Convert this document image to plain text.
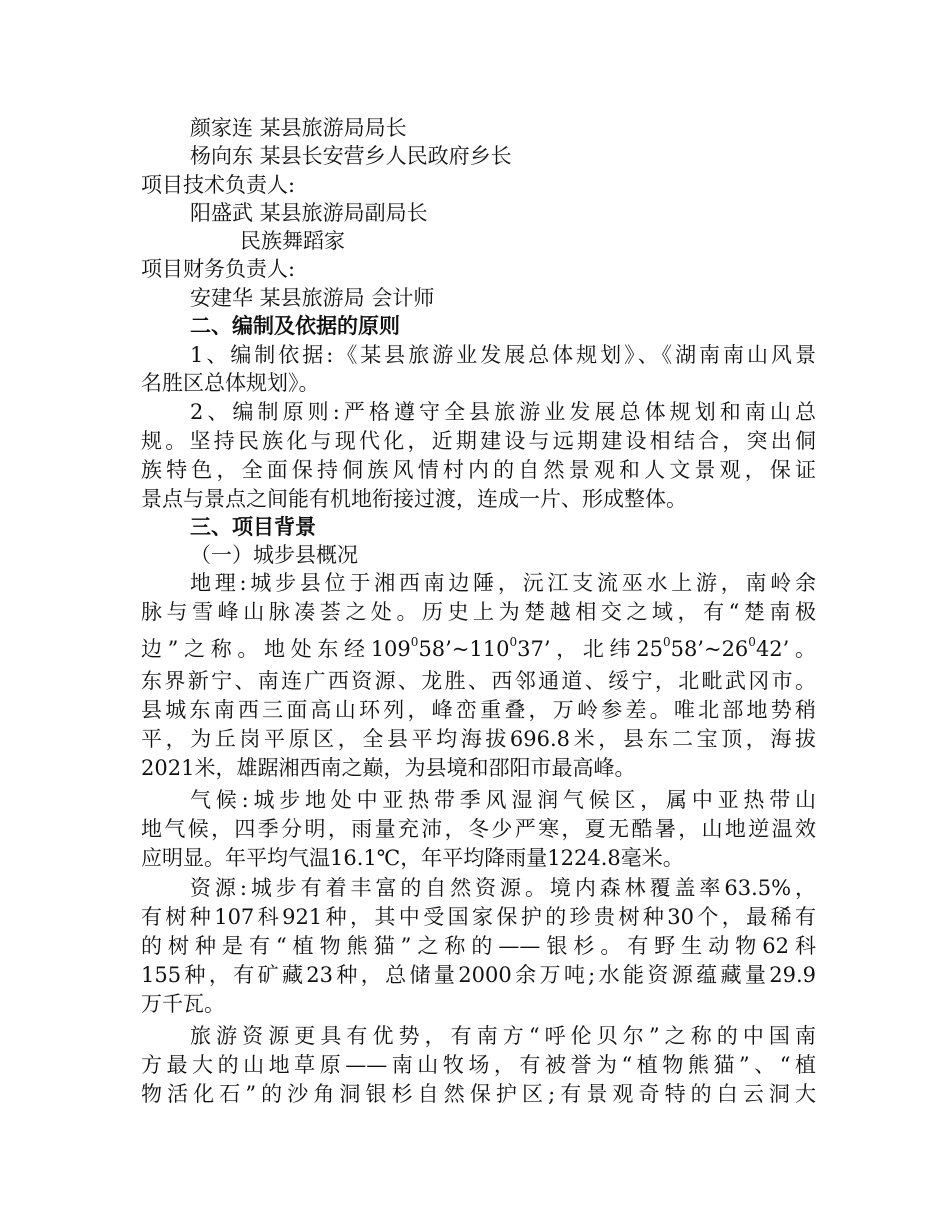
颜家连 某县旅游局局长
杨向东 某县长安营乡人民政府乡长
项目技术负责人:
阳盛武 某县旅游局副局长
民族舞蹈家
项目财务负责人:
安建华 某县旅游局 会计师
二、编制及依据的原则
1、编制依据:《某县旅游业发展总体规划》、《湖南南山风景
名胜区总体规划》。
2、编制原则:严格遵守全县旅游业发展总体规划和南山总
规。坚持民族化与现代化，近期建设与远期建设相结合，突出侗
族特色，全面保持侗族风情村内的自然景观和人文景观，保证
景点与景点之间能有机地衔接过渡，连成一片、形成整体。
三、项目背景
（一）城步县概况
地理:城步县位于湘西南边陲，沅江支流巫水上游，南岭余
脉与雪峰山脉凑荟之处。历史上为楚越相交之域，有“楚南极
边”之称。地处东经$109^058’\sim 110^037$’，北纬$25^058’\sim 26^042$’。
东界新宁、南连广西资源、龙胜、西邻通道、绥宁，北毗武冈市。
县城东南西三面高山环列，峰峦重叠，万岭参差。唯北部地势稍
平，为丘岗平原区，全县平均海拔696.8米，县东二宝顶，海拔
2021米，雄踞湘西南之巅，为县境和邵阳市最高峰。
气候:城步地处中亚热带季风湿润气候区，属中亚热带山
地气候，四季分明，雨量充沛，冬少严寒，夏无酷暑，山地逆温效
应明显。年平均气温16.1℃，年平均降雨量1224.8毫米。
资源:城步有着丰富的自然资源。境内森林覆盖率63.5%，
有树种107科921种，其中受国家保护的珍贵树种30个，最稀有
的树种是有“植物熊猫”之称的——银杉。有野生动物62科
155种，有矿藏23种，总储量2000余万吨;水能资源蕴藏量29.9
万千瓦。
旅游资源更具有优势，有南方“呼伦贝尔”之称的中国南
方最大的山地草原——南山牧场，有被誉为“植物熊猫”、“植
物活化石”的沙角洞银杉自然保护区;有景观奇特的白云洞大
